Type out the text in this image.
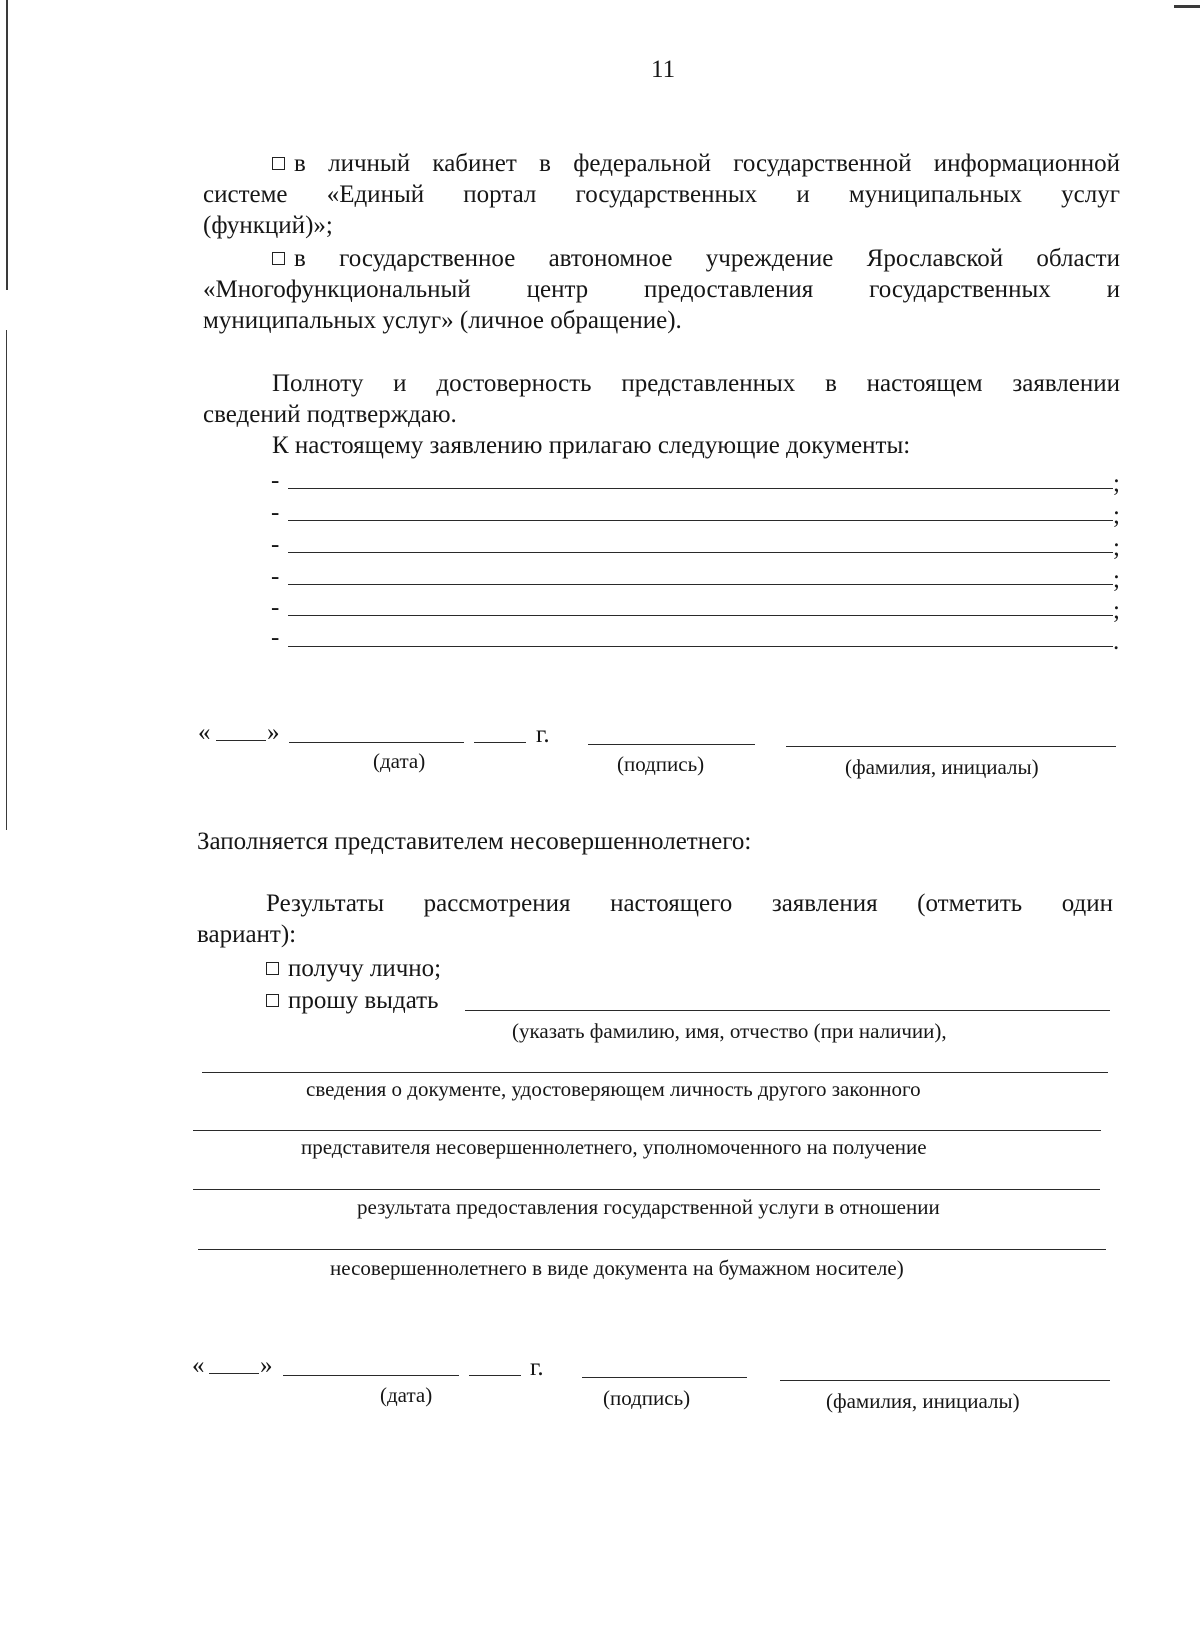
11
в личный кабинет в федеральной государственной информационной
системе «Единый портал государственных и муниципальных услуг
(функций)»;
в государственное автономное учреждение Ярославской области
«Многофункциональный центр предоставления государственных и
муниципальных услуг» (личное обращение).
Полноту и достоверность представленных в настоящем заявлении
сведений подтверждаю.
К настоящему заявлению прилагаю следующие документы:
-	;
-	;
-	;
-	;
-	;
-	.
« »	г.
(дата)	(подпись)	(фамилия, инициалы)
Заполняется представителем несовершеннолетнего:
Результаты рассмотрения настоящего заявления (отметить один
вариант):
получу лично;
прошу выдать
(указать фамилию, имя, отчество (при наличии),
сведения о документе, удостоверяющем личность другого законного
представителя несовершеннолетнего, уполномоченного на получение
результата предоставления государственной услуги в отношении
несовершеннолетнего в виде документа на бумажном носителе)
« »	г.
(дата)	(подпись)	(фамилия, инициалы)
